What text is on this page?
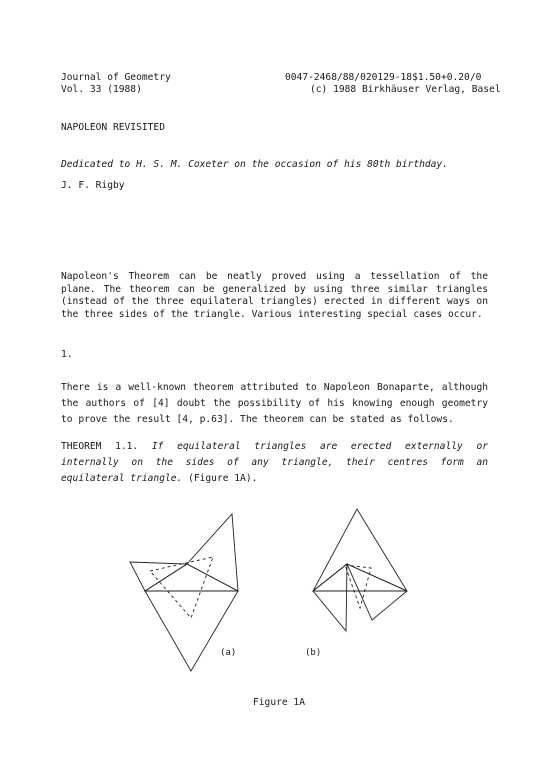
Journal of Geometry
Vol. 33 (1988)
0047-2468/88/020129-18$1.50+0.20/0
(c) 1988 Birkhäuser Verlag, Basel
NAPOLEON REVISITED
Dedicated to H. S. M. Coxeter on the occasion of his 80th birthday.
J. F. Rigby
Napoleon's Theorem can be neatly proved using a tessellation of the plane. The theorem can be generalized by using three similar triangles (instead of the three equilateral triangles) erected in different ways on the three sides of the triangle. Various interesting special cases occur.
1.
There is a well-known theorem attributed to Napoleon Bonaparte, although the authors of [4] doubt the possibility of his knowing enough geometry to prove the result [4, p.63]. The theorem can be stated as follows.
THEOREM 1.1. If equilateral triangles are erected externally or internally on the sides of any triangle, their centres form an equilateral triangle. (Figure 1A).
(a)	(b)
Figure 1A
